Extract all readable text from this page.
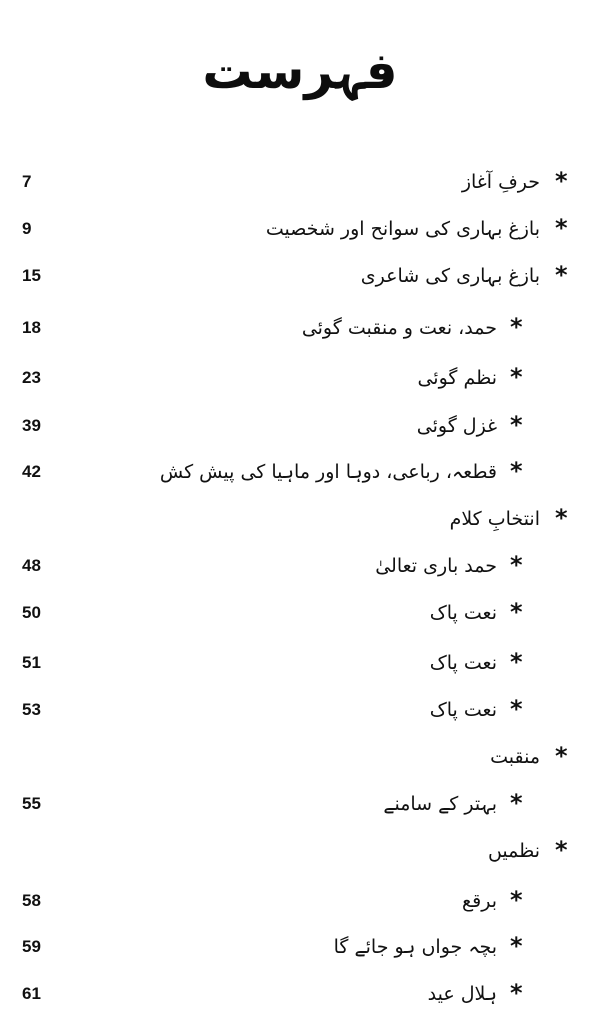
فہرست
7	حرفِ آغاز *
9	بازغ بہاری کی سوانح اور شخصیت *
15	بازغ بہاری کی شاعری *
18	حمد، نعت و منقبت گوئی *
23	نظم گوئی *
39	غزل گوئی *
42	قطعہ، رباعی، دوہا اور ماہیا کی پیش کش *
انتخابِ کلام *
48	حمد باری تعالیٰ *
50	نعت پاک *
51	نعت پاک *
53	نعت پاک *
منقبت *
55	بہتر کے سامنے *
نظمیں *
58	برقع *
59	بچہ جواں ہو جائے گا *
61	ہلال عید *
